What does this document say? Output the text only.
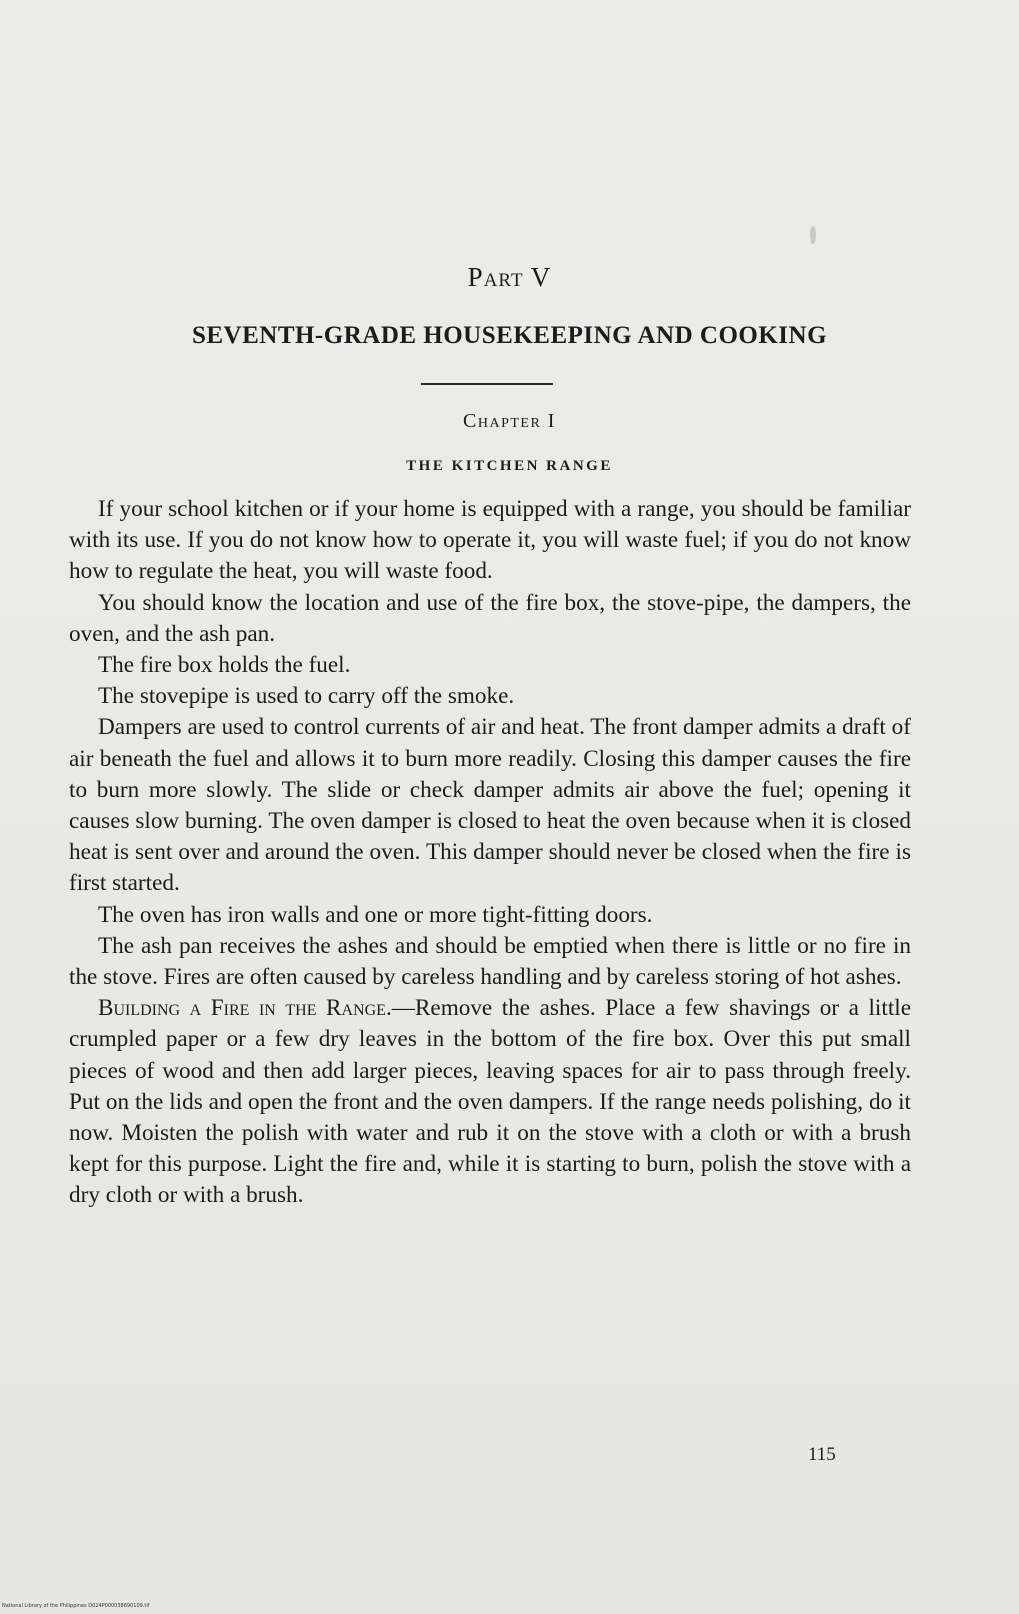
Part V
SEVENTH-GRADE HOUSEKEEPING AND COOKING
Chapter I
THE KITCHEN RANGE

If your school kitchen or if your home is equipped with a range, you should be familiar with its use. If you do not know how to operate it, you will waste fuel; if you do not know how to regulate the heat, you will waste food.

You should know the location and use of the fire box, the stove-pipe, the dampers, the oven, and the ash pan.

The fire box holds the fuel.

The stovepipe is used to carry off the smoke.

Dampers are used to control currents of air and heat. The front damper admits a draft of air beneath the fuel and allows it to burn more readily. Closing this damper causes the fire to burn more slowly. The slide or check damper admits air above the fuel; opening it causes slow burning. The oven damper is closed to heat the oven because when it is closed heat is sent over and around the oven. This damper should never be closed when the fire is first started.

The oven has iron walls and one or more tight-fitting doors.

The ash pan receives the ashes and should be emptied when there is little or no fire in the stove. Fires are often caused by careless handling and by careless storing of hot ashes.

Building a Fire in the Range.—Remove the ashes. Place a few shavings or a little crumpled paper or a few dry leaves in the bottom of the fire box. Over this put small pieces of wood and then add larger pieces, leaving spaces for air to pass through freely. Put on the lids and open the front and the oven dampers. If the range needs polishing, do it now. Moisten the polish with water and rub it on the stove with a cloth or with a brush kept for this purpose. Light the fire and, while it is starting to burn, polish the stove with a dry cloth or with a brush.

115
National Library of the Philippines D024P000038690109.tif
